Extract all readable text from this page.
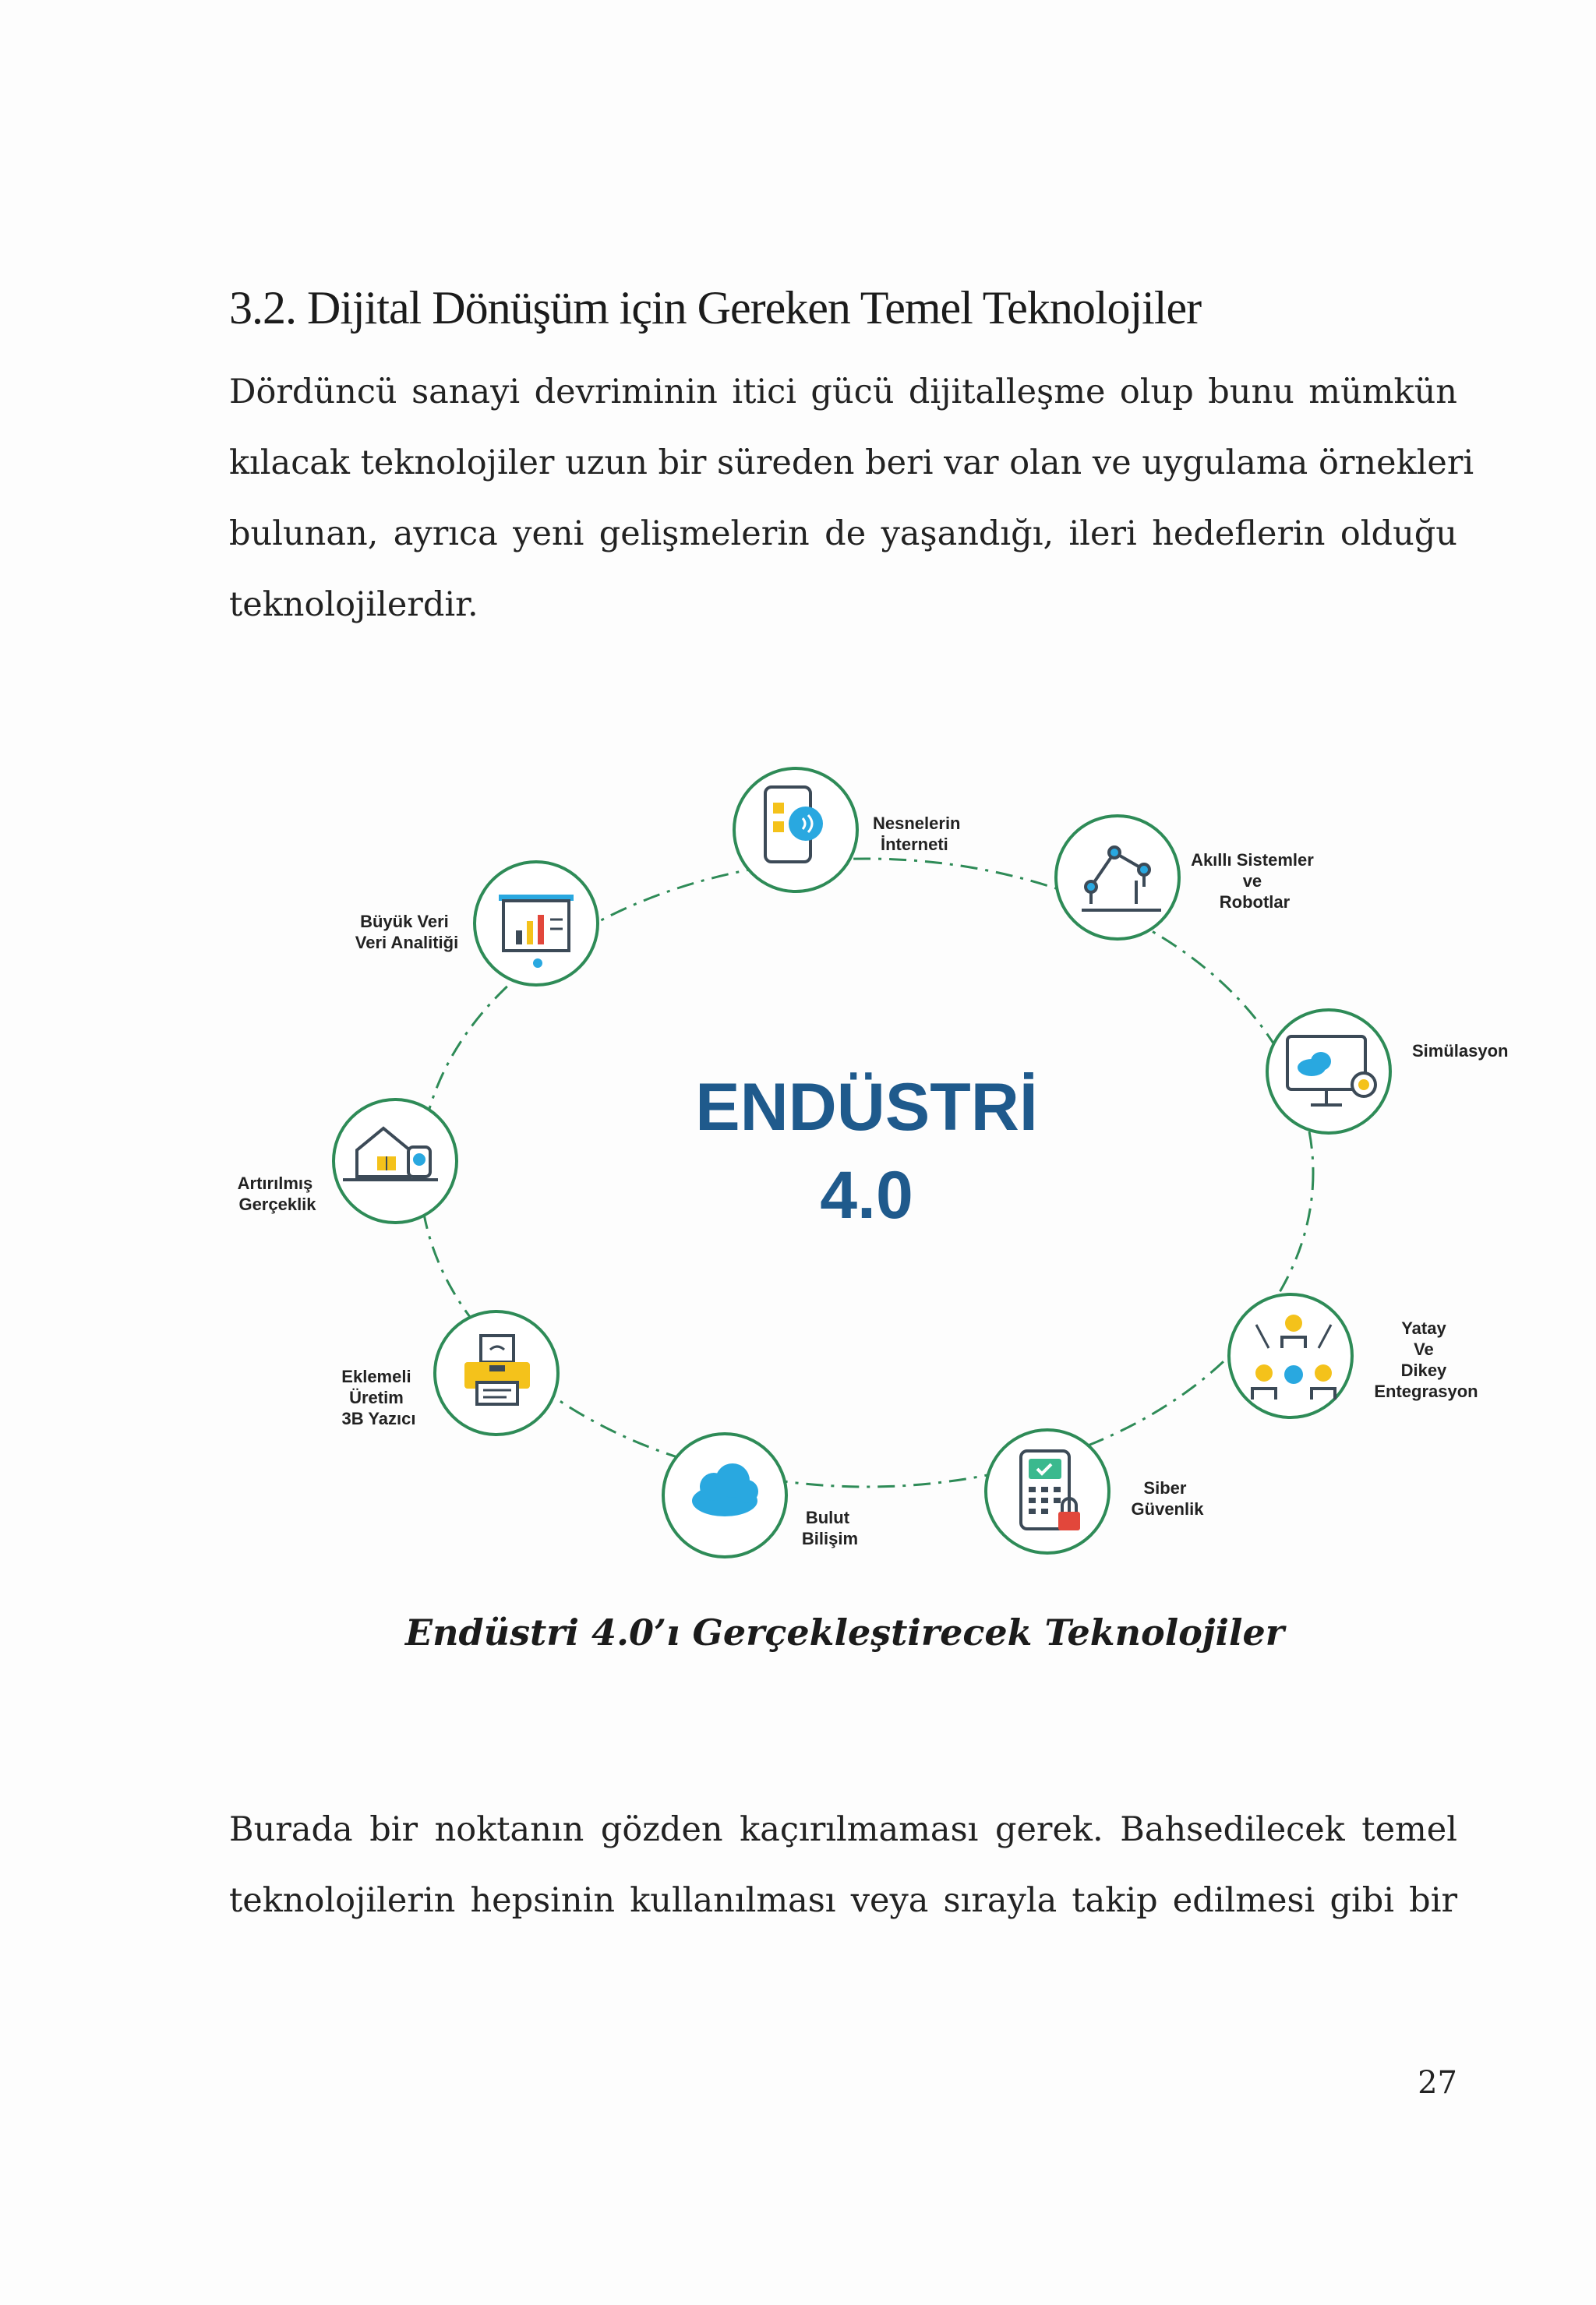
3.2. Dijital Dönüşüm için Gereken Temel Teknolojiler
Dördüncü sanayi devriminin itici gücü dijitalleşme olup bunu mümkün
kılacak teknolojiler uzun bir süreden beri var olan ve uygulama örnekleri
bulunan, ayrıca yeni gelişmelerin de yaşandığı, ileri hedeflerin olduğu
teknolojilerdir.
ENDÜSTRİ
4.0
Nesnelerin İnterneti
Akıllı Sistemler ve Robotlar
Simülasyon
Yatay Ve Dikey Entegrasyon
Siber Güvenlik
Bulut Bilişim
Eklemeli Üretim 3B Yazıcı
Artırılmış Gerçeklik
Büyük Veri Veri Analitiği
Endüstri 4.0’ı Gerçekleştirecek Teknolojiler
Burada bir noktanın gözden kaçırılmaması gerek. Bahsedilecek temel
teknolojilerin hepsinin kullanılması veya sırayla takip edilmesi gibi bir
27
